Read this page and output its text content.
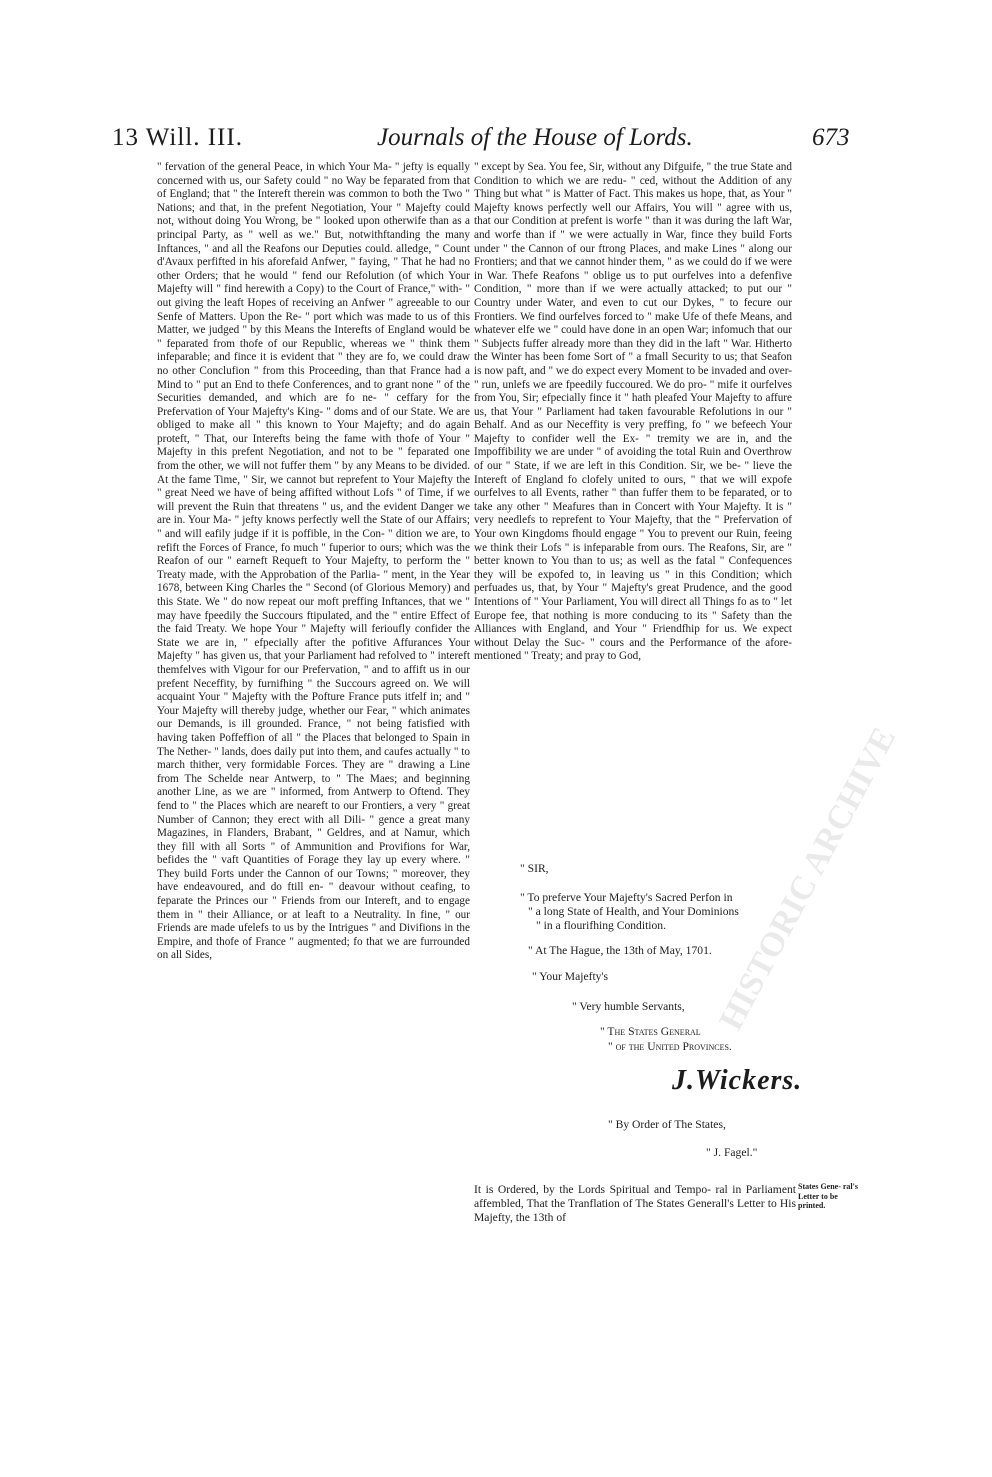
13 Will. III.	Journals of the House of Lords.	673

" fervation of the general Peace, in which Your Ma- " jefty is equally concerned with us, our Safety could " no Way be feparated from that of England; that " the Intereft therein was common to both the Two " Nations; and that, in the prefent Negotiation, Your " Majefty could not, without doing You Wrong, be " looked upon otherwife than as a principal Party, as " well as we." But, notwithftanding the many Inftances, " and all the Reafons our Deputies could. alledge, " Count d'Avaux perfifted in his aforefaid Anfwer, " faying, " That he had no other Orders; that he would " fend our Refolution (of which Your Majefty will " find herewith a Copy) to the Court of France," with- " out giving the leaft Hopes of receiving an Anfwer " agreeable to our Senfe of Matters. Upon the Re- " port which was made to us of this Matter, we judged " by this Means the Interefts of England would be " feparated from thofe of our Republic, whereas we " think them infeparable; and fince it is evident that " they are fo, we could draw no other Conclufion " from this Proceeding, than that France had a Mind to " put an End to thefe Conferences, and to grant none " of the Securities demanded, and which are fo ne- " ceffary for the Prefervation of Your Majefty's King- " doms and of our State. We are obliged to make all " this known to Your Majefty; and do again proteft, " That, our Interefts being the fame with thofe of Your " Majefty in this prefent Negotiation, and not to be " feparated one from the other, we will not fuffer them " by any Means to be divided. At the fame Time, " Sir, we cannot but reprefent to Your Majefty the " great Need we have of being affifted without Lofs " of Time, if we will prevent the Ruin that threatens " us, and the evident Danger we are in. Your Ma- " jefty knows perfectly well the State of our Affairs; " and will eafily judge if it is poffible, in the Con- " dition we are, to refift the Forces of France, fo much " fuperior to ours; which was the Reafon of our " earneft Requeft to Your Majefty, to perform the " Treaty made, with the Approbation of the Parlia- " ment, in the Year 1678, between King Charles the " Second (of Glorious Memory) and this State. We " do now repeat our moft preffing Inftances, that we " may have fpeedily the Succours ftipulated, and the " entire Effect of the faid Treaty. We hope Your " Majefty will ferioufly confider the State we are in, " efpecially after the pofitive Affurances Your Majefty " has given us, that your Parliament had refolved to " intereft themfelves with Vigour for our Prefervation, " and to affift us in our prefent Neceffity, by furnifhing " the Succours agreed on. We will acquaint Your " Majefty with the Pofture France puts itfelf in; and " Your Majefty will thereby judge, whether our Fear, " which animates our Demands, is ill grounded. France, " not being fatisfied with having taken Poffeffion of all " the Places that belonged to Spain in The Nether- " lands, does daily put into them, and caufes actually " to march thither, very formidable Forces. They are " drawing a Line from The Schelde near Antwerp, to " The Maes; and beginning another Line, as we are " informed, from Antwerp to Oftend. They fend to " the Places which are neareft to our Frontiers, a very " great Number of Cannon; they erect with all Dili- " gence a great many Magazines, in Flanders, Brabant, " Geldres, and at Namur, which they fill with all Sorts " of Ammunition and Provifions for War, befides the " vaft Quantities of Forage they lay up every where. " They build Forts under the Cannon of our Towns; " moreover, they have endeavoured, and do ftill en- " deavour without ceafing, to feparate the Princes our " Friends from our Intereft, and to engage them in " their Alliance, or at leaft to a Neutrality. In fine, " our Friends are made ufelefs to us by the Intrigues " and Divifions in the Empire, and thofe of France " augmented; fo that we are furrounded on all Sides,

" except by Sea. You fee, Sir, without any Difguife, " the true State and Condition to which we are redu- " ced, without the Addition of any Thing but what " is Matter of Fact. This makes us hope, that, as Your " Majefty knows perfectly well our Affairs, You will " agree with us, that our Condition at prefent is worfe " than it was during the laft War, and worfe than if " we were actually in War, fince they build Forts under " the Cannon of our ftrong Places, and make Lines " along our Frontiers; and that we cannot hinder them, " as we could do if we were in War. Thefe Reafons " oblige us to put ourfelves into a defenfive Condition, " more than if we were actually attacked; to put our " Country under Water, and even to cut our Dykes, " to fecure our Frontiers. We find ourfelves forced to " make Ufe of thefe Means, and whatever elfe we " could have done in an open War; infomuch that our " Subjects fuffer already more than they did in the laft " War. Hitherto the Winter has been fome Sort of " a fmall Security to us; that Seafon is now paft, and " we do expect every Moment to be invaded and over- " run, unlefs we are fpeedily fuccoured. We do pro- " mife it ourfelves from You, Sir; efpecially fince it " hath pleafed Your Majefty to affure us, that Your " Parliament had taken favourable Refolutions in our " Behalf. And as our Neceffity is very preffing, fo " we befeech Your Majefty to confider well the Ex- " tremity we are in, and the Impoffibility we are under " of avoiding the total Ruin and Overthrow of our " State, if we are left in this Condition. Sir, we be- " lieve the Intereft of England fo clofely united to ours, " that we will expofe ourfelves to all Events, rather " than fuffer them to be feparated, or to take any other " Meafures than in Concert with Your Majefty. It is " very needlefs to reprefent to Your Majefty, that the " Prefervation of Your own Kingdoms fhould engage " You to prevent our Ruin, feeing we think their Lofs " is infeparable from ours. The Reafons, Sir, are " better known to You than to us; as well as the fatal " Confequences they will be expofed to, in leaving us " in this Condition; which perfuades us, that, by Your " Majefty's great Prudence, and the good Intentions of " Your Parliament, You will direct all Things fo as to " let Europe fee, that nothing is more conducing to its " Safety than the Alliances with England, and Your " Friendfhip for us. We expect without Delay the Suc- " cours and the Performance of the afore-mentioned " Treaty; and pray to God,

" SIR,
" To preferve Your Majefty's Sacred Perfon in
" a long State of Health, and Your Dominions
" in a flourifhing Condition.
" At The Hague, the 13th of May, 1701.
" Your Majefty's
" Very humble Servants,
" The States General
" of the United Provinces.
J.Wickers.
" By Order of The States,
" J. Fagel."
It is Ordered, by the Lords Spiritual and Tempo- ral in Parliament affembled, That the Tranflation of The States Generall's Letter to His Majefty, the 13th of
States Gene- ral's Letter to be printed.
HISTORIC ARCHIVE
